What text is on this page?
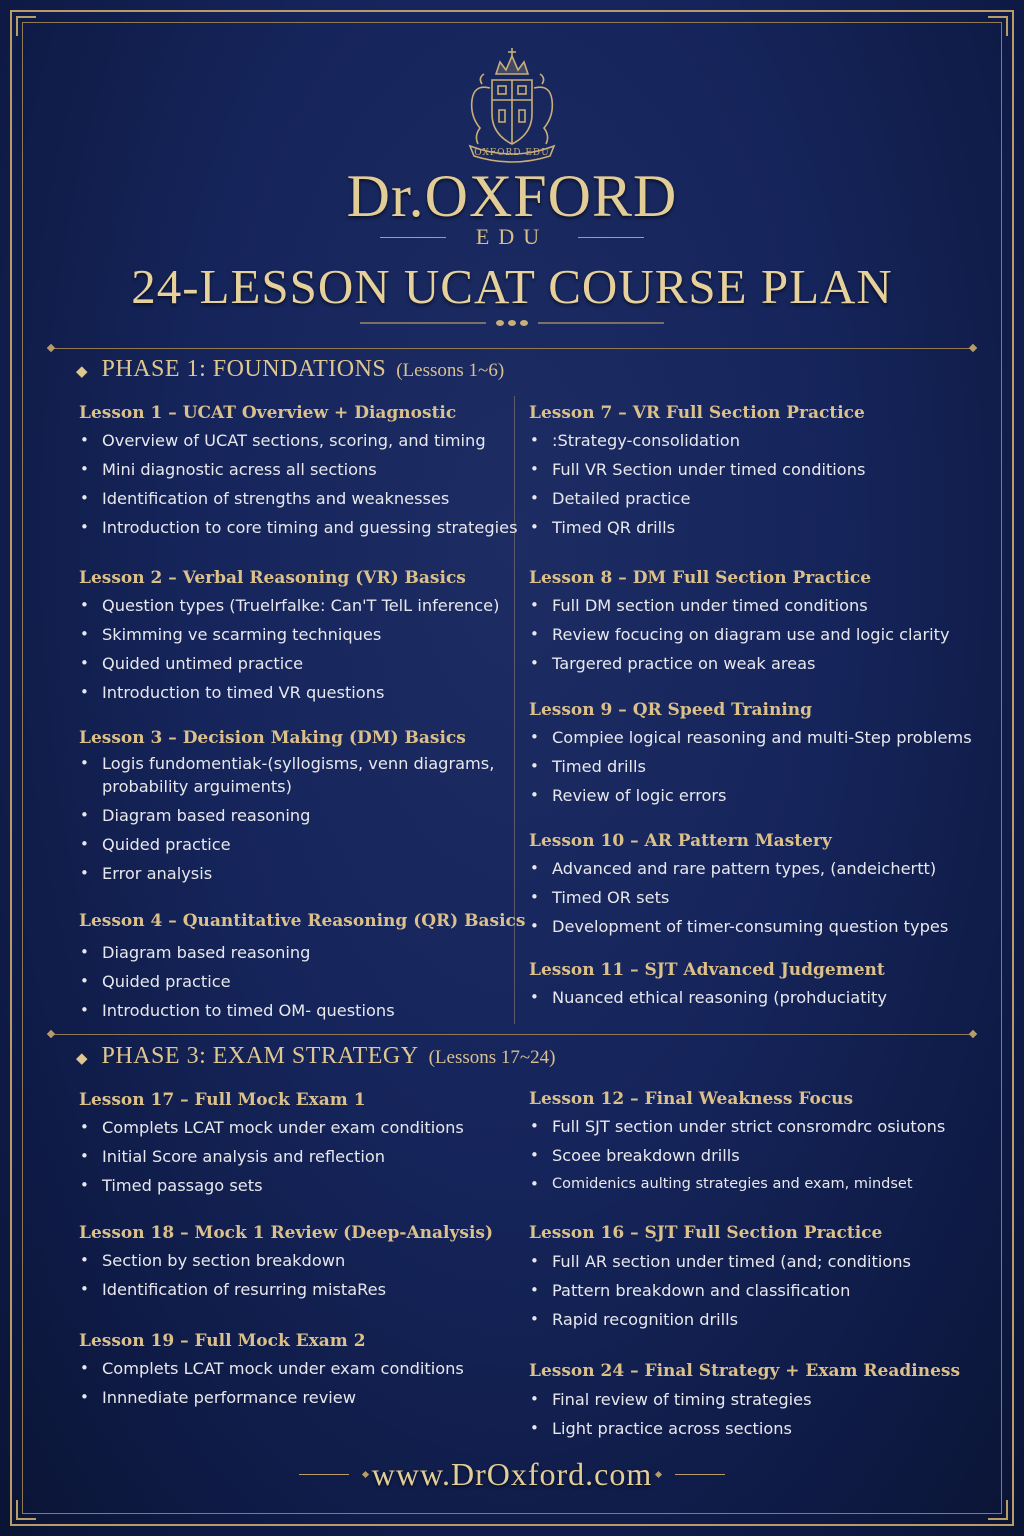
OXFORD EDU
Dr.OXFORD
EDU
24-LESSON UCAT COURSE PLAN
◆ PHASE 1: FOUNDATIONS (Lessons 1~6)
Lesson 1 – UCAT Overview + Diagnostic
• Overview of UCAT sections, scoring, and timing
• Mini diagnostic acress all sections
• Identification of strengths and weaknesses
• Introduction to core timing and guessing strategies
Lesson 2 – Verbal Reasoning (VR) Basics
• Question types (Truelrfalke: Can'T TelL inference)
• Skimming ve scarming techniques
• Quided untimed practice
• Introduction to timed VR questions
Lesson 3 – Decision Making (DM) Basics
• Logis fundomentiak-(syllogisms, venn diagrams, probability arguiments)
• Diagram based reasoning
• Quided practice
• Error analysis
Lesson 4 – Quantitative Reasoning (QR) Basics
• Diagram based reasoning
• Quided practice
• Introduction to timed OM- questions
Lesson 7 – VR Full Section Practice
• :Strategy-consolidation
• Full VR Section under timed conditions
• Detailed practice
• Timed QR drills
Lesson 8 – DM Full Section Practice
• Full DM section under timed conditions
• Review focucing on diagram use and logic clarity
• Targered practice on weak areas
Lesson 9 – QR Speed Training
• Compiee logical reasoning and multi-Step problems
• Timed drills
• Review of logic errors
Lesson 10 – AR Pattern Mastery
• Advanced and rare pattern types, (andeichertt)
• Timed OR sets
• Development of timer-consuming question types
Lesson 11 – SJT Advanced Judgement
• Nuanced ethical reasoning (prohduciatity
◆ PHASE 3: EXAM STRATEGY (Lessons 17~24)
Lesson 17 – Full Mock Exam 1
• Complets LCAT mock under exam conditions
• Initial Score analysis and reflection
• Timed passago sets
Lesson 18 – Mock 1 Review (Deep-Analysis)
• Section by section breakdown
• Identification of resurring mistaRes
Lesson 19 – Full Mock Exam 2
• Complets LCAT mock under exam conditions
• Innnediate performance review
Lesson 12 – Final Weakness Focus
• Full SJT section under strict consromdrc osiutons
• Scoee breakdown drills
• Comidenics aulting strategies and exam, mindset
Lesson 16 – SJT Full Section Practice
• Full AR section under timed (and; conditions
• Pattern breakdown and classification
• Rapid recognition drills
Lesson 24 – Final Strategy + Exam Readiness
• Final review of timing strategies
• Light practice across sections
www.DrOxford.com
